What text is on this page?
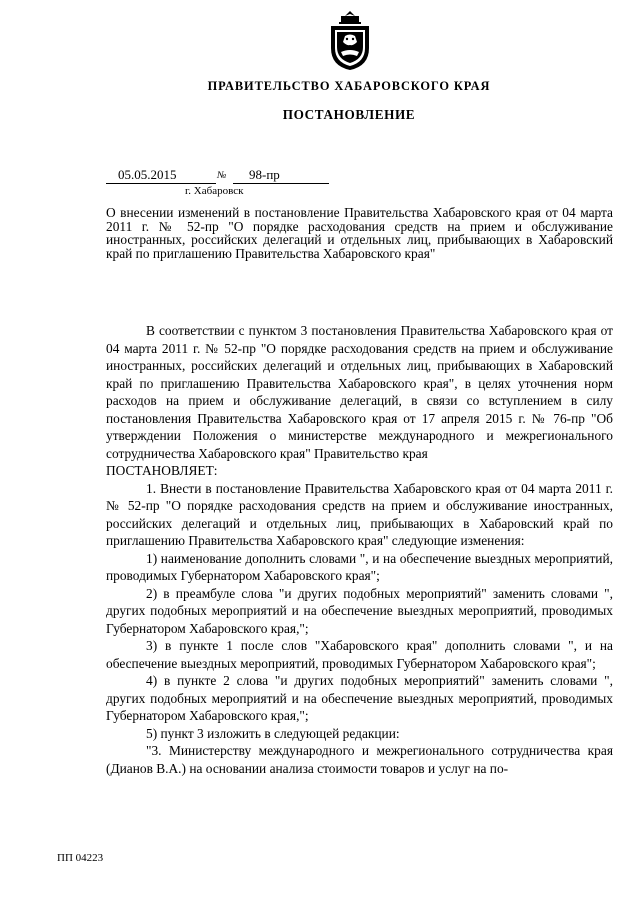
ПРАВИТЕЛЬСТВО ХАБАРОВСКОГО КРАЯ
ПОСТАНОВЛЕНИЕ
05.05.2015	№	98-пр
г. Хабаровск
О внесении изменений в постановление Правительства Хабаровского края от 04 марта 2011 г. № 52-пр "О порядке расходования средств на прием и обслуживание иностранных, российских делегаций и отдельных лиц, прибывающих в Хабаровский край по приглашению Правительства Хабаровского края"

В соответствии с пунктом 3 постановления Правительства Хабаровского края от 04 марта 2011 г. № 52-пр "О порядке расходования средств на прием и обслуживание иностранных, российских делегаций и отдельных лиц, прибывающих в Хабаровский край по приглашению Правительства Хабаровского края", в целях уточнения норм расходов на прием и обслуживание делегаций, в связи со вступлением в силу постановления Правительства Хабаровского края от 17 апреля 2015 г. № 76-пр "Об утверждении Положения о министерстве международного и межрегионального сотрудничества Хабаровского края" Правительство края

ПОСТАНОВЛЯЕТ:

1. Внести в постановление Правительства Хабаровского края от 04 марта 2011 г. № 52-пр "О порядке расходования средств на прием и обслуживание иностранных, российских делегаций и отдельных лиц, прибывающих в Хабаровский край по приглашению Правительства Хабаровского края" следующие изменения:

1) наименование дополнить словами ", и на обеспечение выездных мероприятий, проводимых Губернатором Хабаровского края";

2) в преамбуле слова "и других подобных мероприятий" заменить словами ", других подобных мероприятий и на обеспечение выездных мероприятий, проводимых Губернатором Хабаровского края,";

3) в пункте 1 после слов "Хабаровского края" дополнить словами ", и на обеспечение выездных мероприятий, проводимых Губернатором Хабаровского края";

4) в пункте 2 слова "и других подобных мероприятий" заменить словами ", других подобных мероприятий и на обеспечение выездных мероприятий, проводимых Губернатором Хабаровского края,";

5) пункт 3 изложить в следующей редакции:

"3. Министерству международного и межрегионального сотрудничества края (Дианов В.А.) на основании анализа стоимости товаров и услуг на по-

ПП 04223
